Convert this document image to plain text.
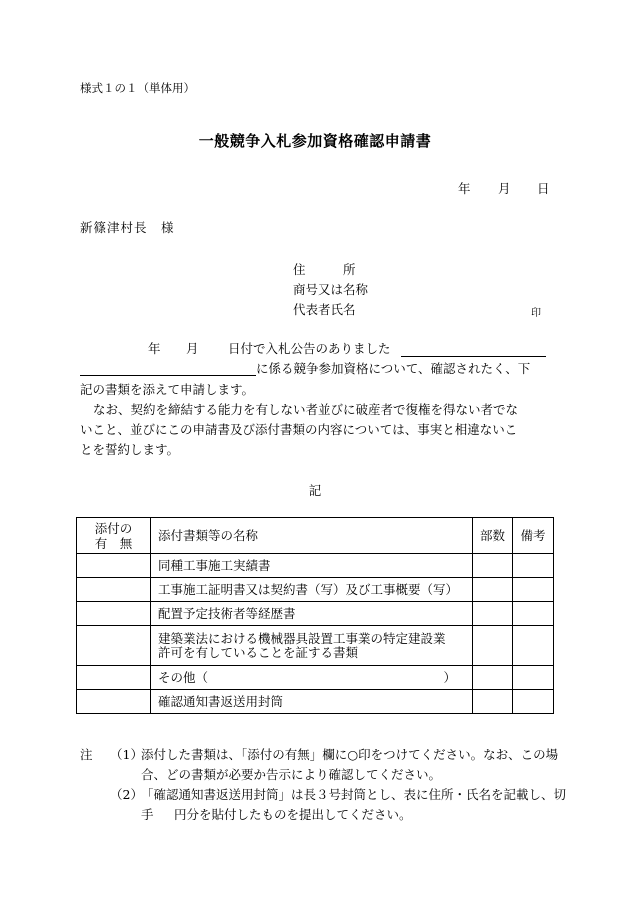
様式１の１（単体用）
一般競争入札参加資格確認申請書
年 月 日
新篠津村長　様
住　　　所
商号又は名称
代表者氏名	印
年 月 日付で入札公告のありました
に係る競争参加資格について、確認されたく、下
記の書類を添えて申請します。
なお、契約を締結する能力を有しない者並びに破産者で復権を得ない者でな
いこと、並びにこの申請書及び添付書類の内容については、事実と相違ないこ
とを誓約します。
記
添付の
有　無	添付書類等の名称	部数	備考
	同種工事施工実績書		
	工事施工証明書又は契約書（写）及び工事概要（写）		
	配置予定技術者等経歴書		
	建築業法における機械器具設置工事業の特定建設業
許可を有していることを証する書類		
	その他（ ）		

	確認通知書返送用封筒		
注 （1）
添付した書類は、「添付の有無」欄に○印をつけてください。なお、この場
合、どの書類が必要か告示により確認してください。
（2）
「確認通知書返送用封筒」は長３号封筒とし、表に住所・氏名を記載し、切
手 円分を貼付したものを提出してください。
